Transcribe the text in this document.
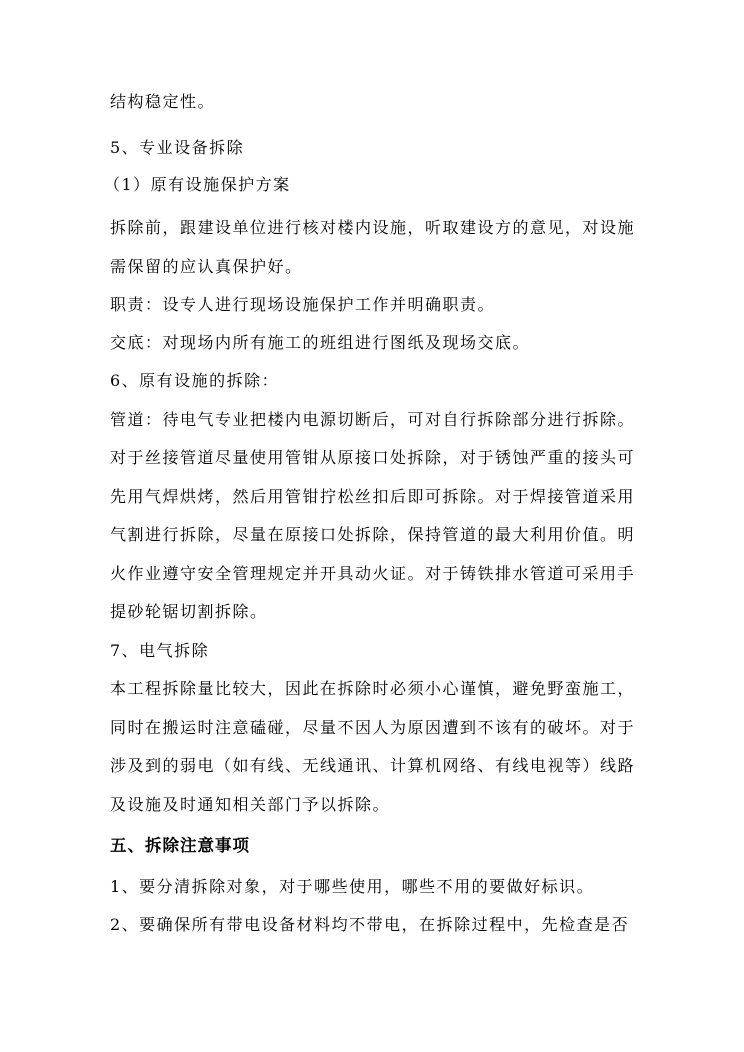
结构稳定性。
5、专业设备拆除
（1）原有设施保护方案
拆除前，跟建设单位进行核对楼内设施，听取建设方的意见，对设施
需保留的应认真保护好。
职责：设专人进行现场设施保护工作并明确职责。
交底：对现场内所有施工的班组进行图纸及现场交底。
6、原有设施的拆除：
管道：待电气专业把楼内电源切断后，可对自行拆除部分进行拆除。
对于丝接管道尽量使用管钳从原接口处拆除，对于锈蚀严重的接头可
先用气焊烘烤，然后用管钳拧松丝扣后即可拆除。对于焊接管道采用
气割进行拆除，尽量在原接口处拆除，保持管道的最大利用价值。明
火作业遵守安全管理规定并开具动火证。对于铸铁排水管道可采用手
提砂轮锯切割拆除。
7、电气拆除
本工程拆除量比较大，因此在拆除时必须小心谨慎，避免野蛮施工，
同时在搬运时注意磕碰，尽量不因人为原因遭到不该有的破坏。对于
涉及到的弱电（如有线、无线通讯、计算机网络、有线电视等）线路
及设施及时通知相关部门予以拆除。
五、拆除注意事项
1、要分清拆除对象，对于哪些使用，哪些不用的要做好标识。
2、要确保所有带电设备材料均不带电，在拆除过程中，先检查是否
